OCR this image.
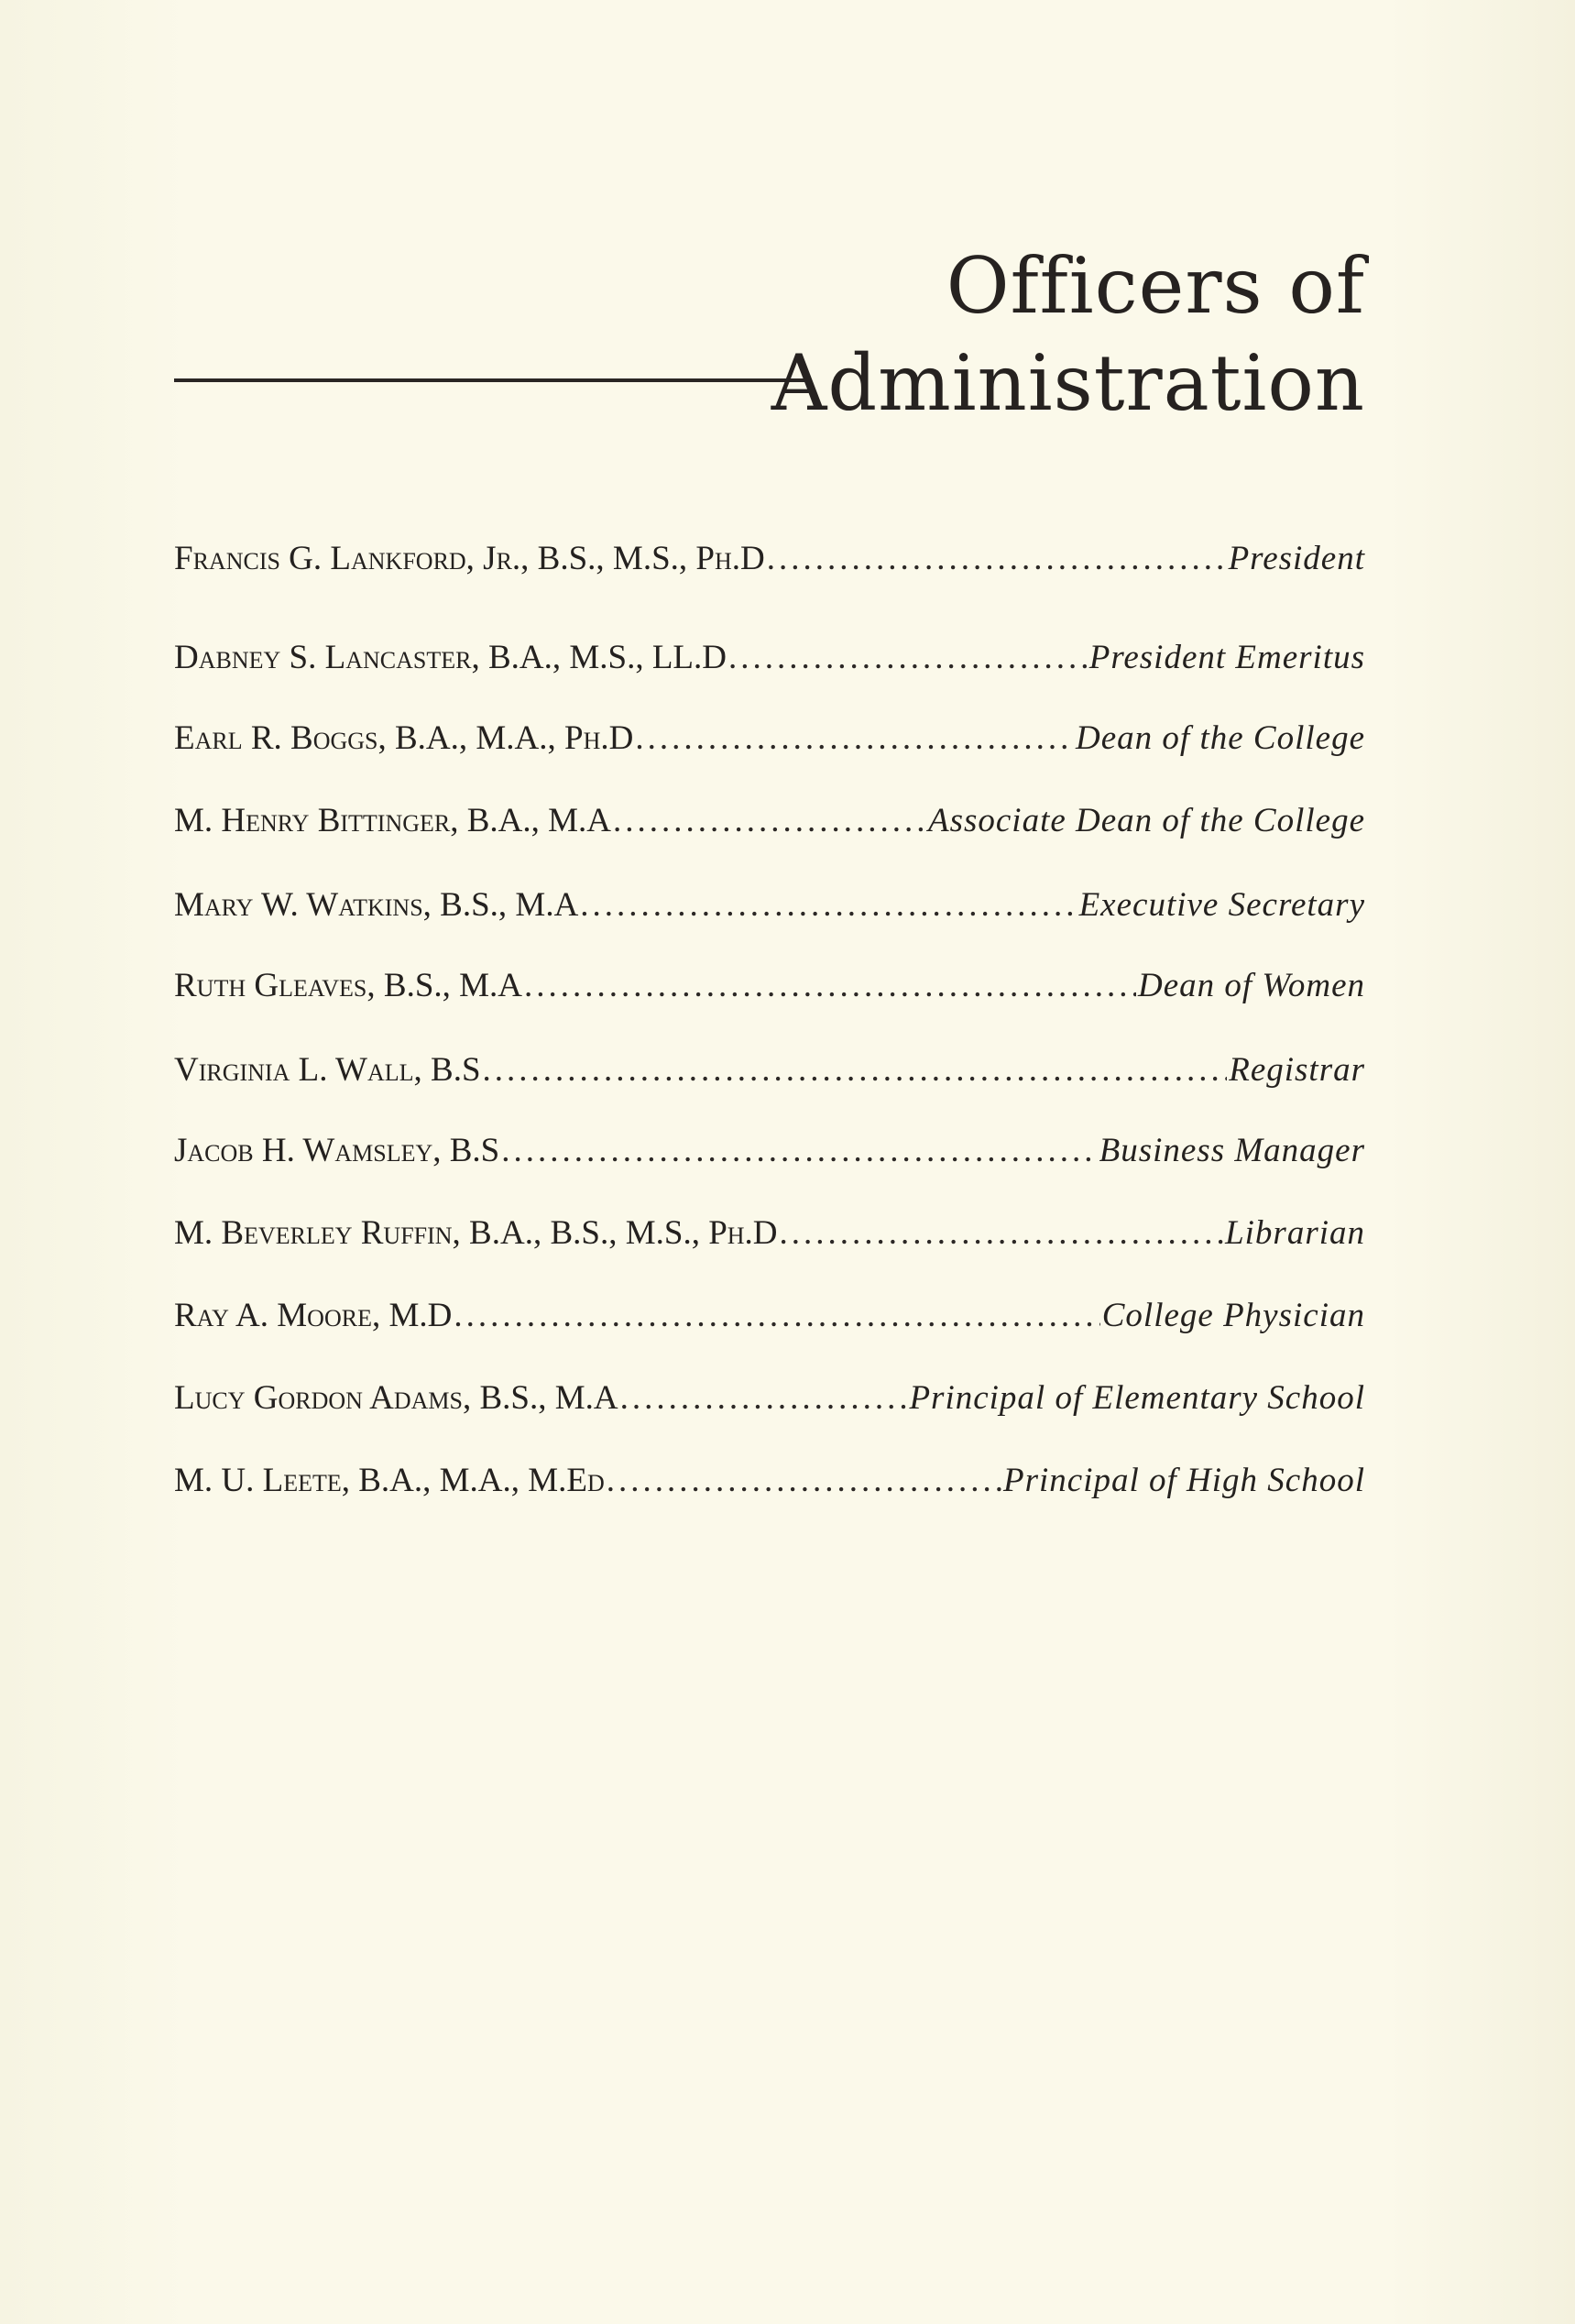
Officers of
Administration
Francis G. Lankford, Jr., B.S., M.S., Ph.D .....	President
Dabney S. Lancaster, B.A., M.S., LL.D .....	President Emeritus
Earl R. Boggs, B.A., M.A., Ph.D .....	Dean of the College
M. Henry Bittinger, B.A., M.A .....	Associate Dean of the College
Mary W. Watkins, B.S., M.A .....	Executive Secretary
Ruth Gleaves, B.S., M.A .....	Dean of Women
Virginia L. Wall, B.S .....	Registrar
Jacob H. Wamsley, B.S .....	Business Manager
M. Beverley Ruffin, B.A., B.S., M.S., Ph.D .....	Librarian
Ray A. Moore, M.D .....	College Physician
Lucy Gordon Adams, B.S., M.A .....	Principal of Elementary School
M. U. Leete, B.A., M.A., M.Ed .....	Principal of High School
